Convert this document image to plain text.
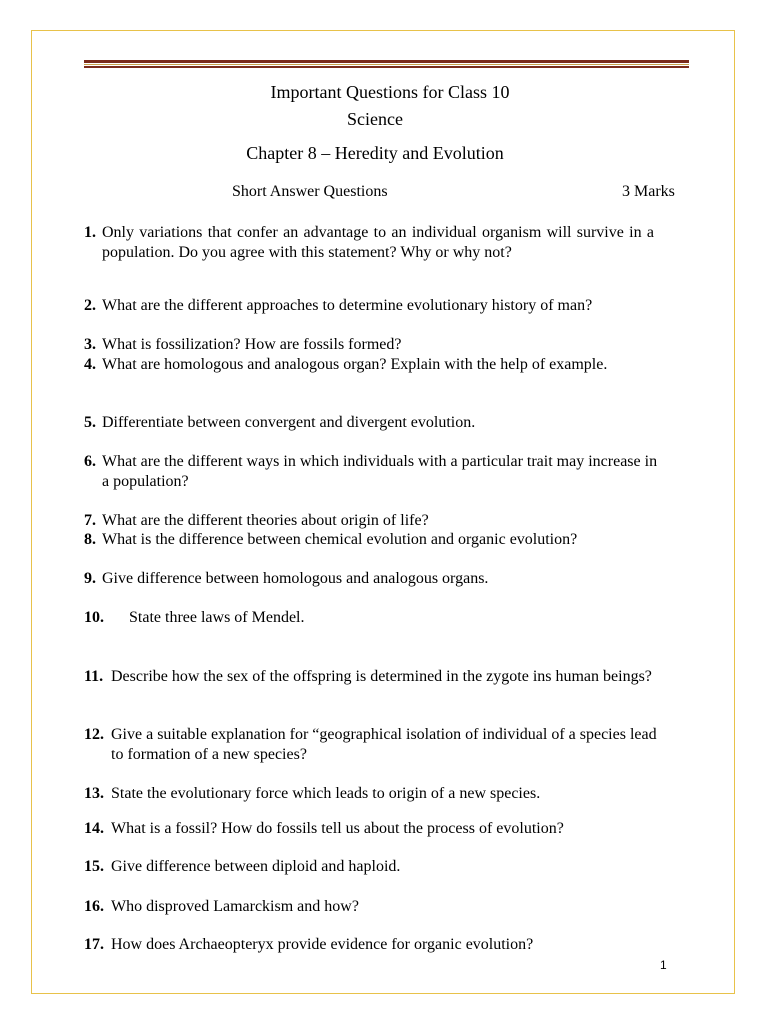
Important Questions for Class 10
Science
Chapter 8 – Heredity and Evolution
Short Answer Questions	3 Marks
1. Only variations that confer an advantage to an individual organism will survive in a population. Do you agree with this statement? Why or why not?
2. What are the different approaches to determine evolutionary history of man?
3. What is fossilization? How are fossils formed?
4. What are homologous and analogous organ? Explain with the help of example.
5. Differentiate between convergent and divergent evolution.
6. What are the different ways in which individuals with a particular trait may increase in a population?
7. What are the different theories about origin of life?
8. What is the difference between chemical evolution and organic evolution?
9. Give difference between homologous and analogous organs.
10.	State three laws of Mendel.
11. Describe how the sex of the offspring is determined in the zygote ins human beings?
12. Give a suitable explanation for “geographical isolation of individual of a species lead to formation of a new species?
13. State the evolutionary force which leads to origin of a new species.
14. What is a fossil? How do fossils tell us about the process of evolution?
15. Give difference between diploid and haploid.
16. Who disproved Lamarckism and how?
17. How does Archaeopteryx provide evidence for organic evolution?
1
